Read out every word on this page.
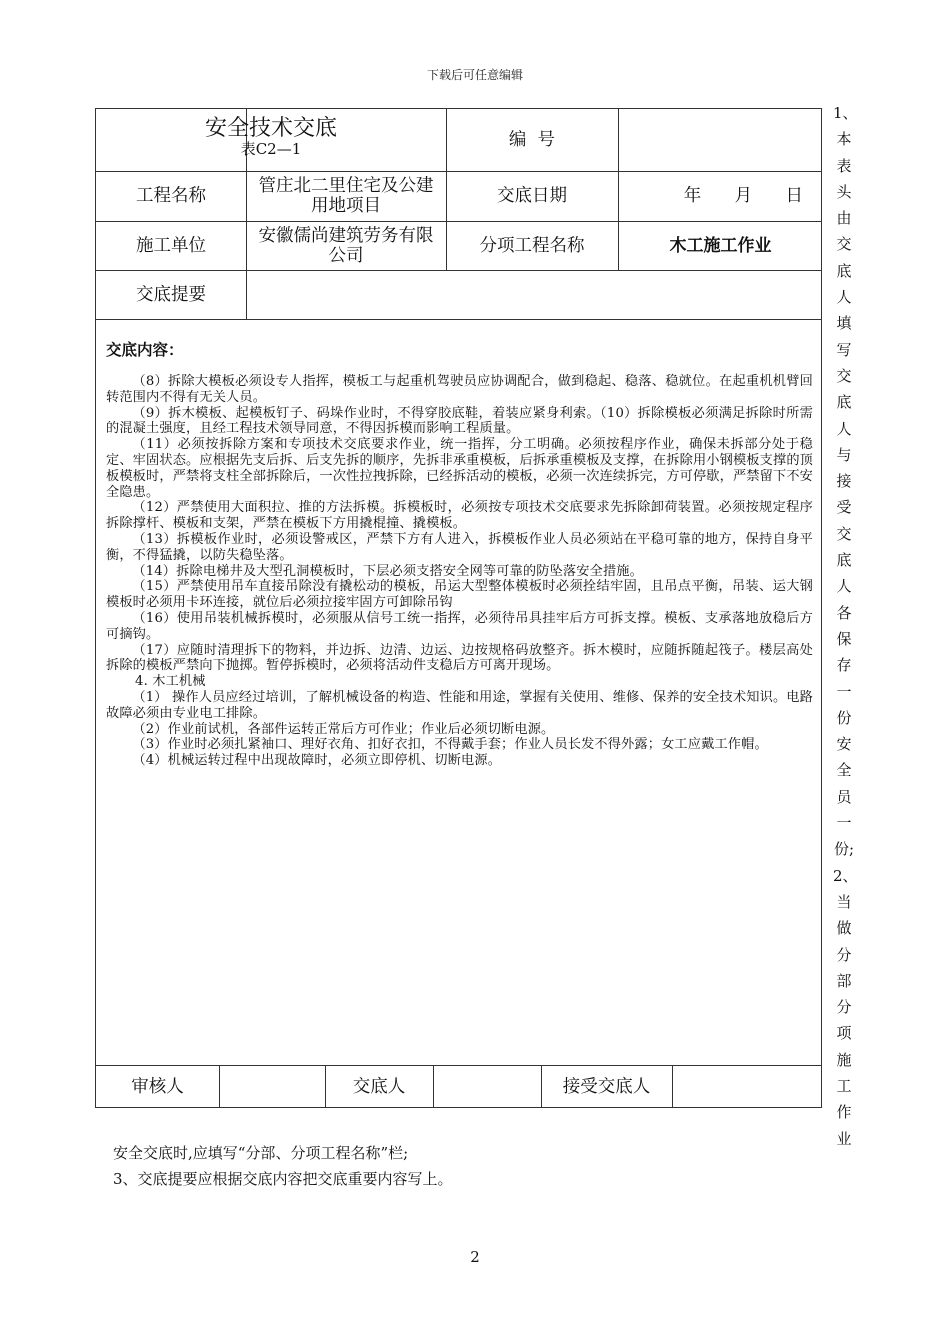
下载后可任意编辑
安全技术交底
表C2—1	编  号
工程名称	管庄北二里住宅及公建用地项目	交底日期	年      月      日
施工单位	安徽儒尚建筑劳务有限公司	分项工程名称	木工施工作业
交底提要
交底内容：

（8）拆除大模板必须设专人指挥，模板工与起重机驾驶员应协调配合，做到稳起、稳落、稳就位。在起重机机臂回转范围内不得有无关人员。

（9）拆木模板、起模板钉子、码垛作业时，不得穿胶底鞋，着装应紧身利索。（10）拆除模板必须满足拆除时所需的混凝土强度，且经工程技术领导同意，不得因拆模而影响工程质量。

（11）必须按拆除方案和专项技术交底要求作业，统一指挥，分工明确。必须按程序作业，确保未拆部分处于稳定、牢固状态。应根据先支后拆、后支先拆的顺序，先拆非承重模板，后拆承重模板及支撑，在拆除用小钢模板支撑的顶板模板时，严禁将支柱全部拆除后，一次性拉拽拆除，已经拆活动的模板，必须一次连续拆完，方可停歇，严禁留下不安全隐患。

（12）严禁使用大面积拉、推的方法拆模。拆模板时，必须按专项技术交底要求先拆除卸荷装置。必须按规定程序拆除撑杆、模板和支架，严禁在模板下方用撬棍撞、撬模板。

（13）拆模板作业时，必须设警戒区，严禁下方有人进入，拆模板作业人员必须站在平稳可靠的地方，保持自身平衡，不得猛撬，以防失稳坠落。

（14）拆除电梯井及大型孔洞模板时，下层必须支搭安全网等可靠的防坠落安全措施。

（15）严禁使用吊车直接吊除没有撬松动的模板，吊运大型整体模板时必须拴结牢固，且吊点平衡，吊装、运大钢模板时必须用卡环连接，就位后必须拉接牢固方可卸除吊钩

（16）使用吊装机械拆模时，必须服从信号工统一指挥，必须待吊具挂牢后方可拆支撑。模板、支承落地放稳后方可摘钩。

（17）应随时清理拆下的物料，并边拆、边清、边运、边按规格码放整齐。拆木模时，应随拆随起筏子。楼层高处拆除的模板严禁向下抛掷。暂停拆模时，必须将活动件支稳后方可离开现场。

4. 木工机械

（1） 操作人员应经过培训，了解机械设备的构造、性能和用途，掌握有关使用、维修、保养的安全技术知识。电路故障必须由专业电工排除。

（2）作业前试机，各部件运转正常后方可作业；作业后必须切断电源。

（3）作业时必须扎紧袖口、理好衣角、扣好衣扣，不得戴手套；作业人员长发不得外露；女工应戴工作帽。

（4）机械运转过程中出现故障时，必须立即停机、切断电源。

审核人	交底人	接受交底人
1、本表头由交底人填写交底人与接受交底人各保存一份安全员一份;2、当做分部分项施工作业
安全交底时,应填写“分部、分项工程名称”栏;
3、交底提要应根据交底内容把交底重要内容写上。
2
